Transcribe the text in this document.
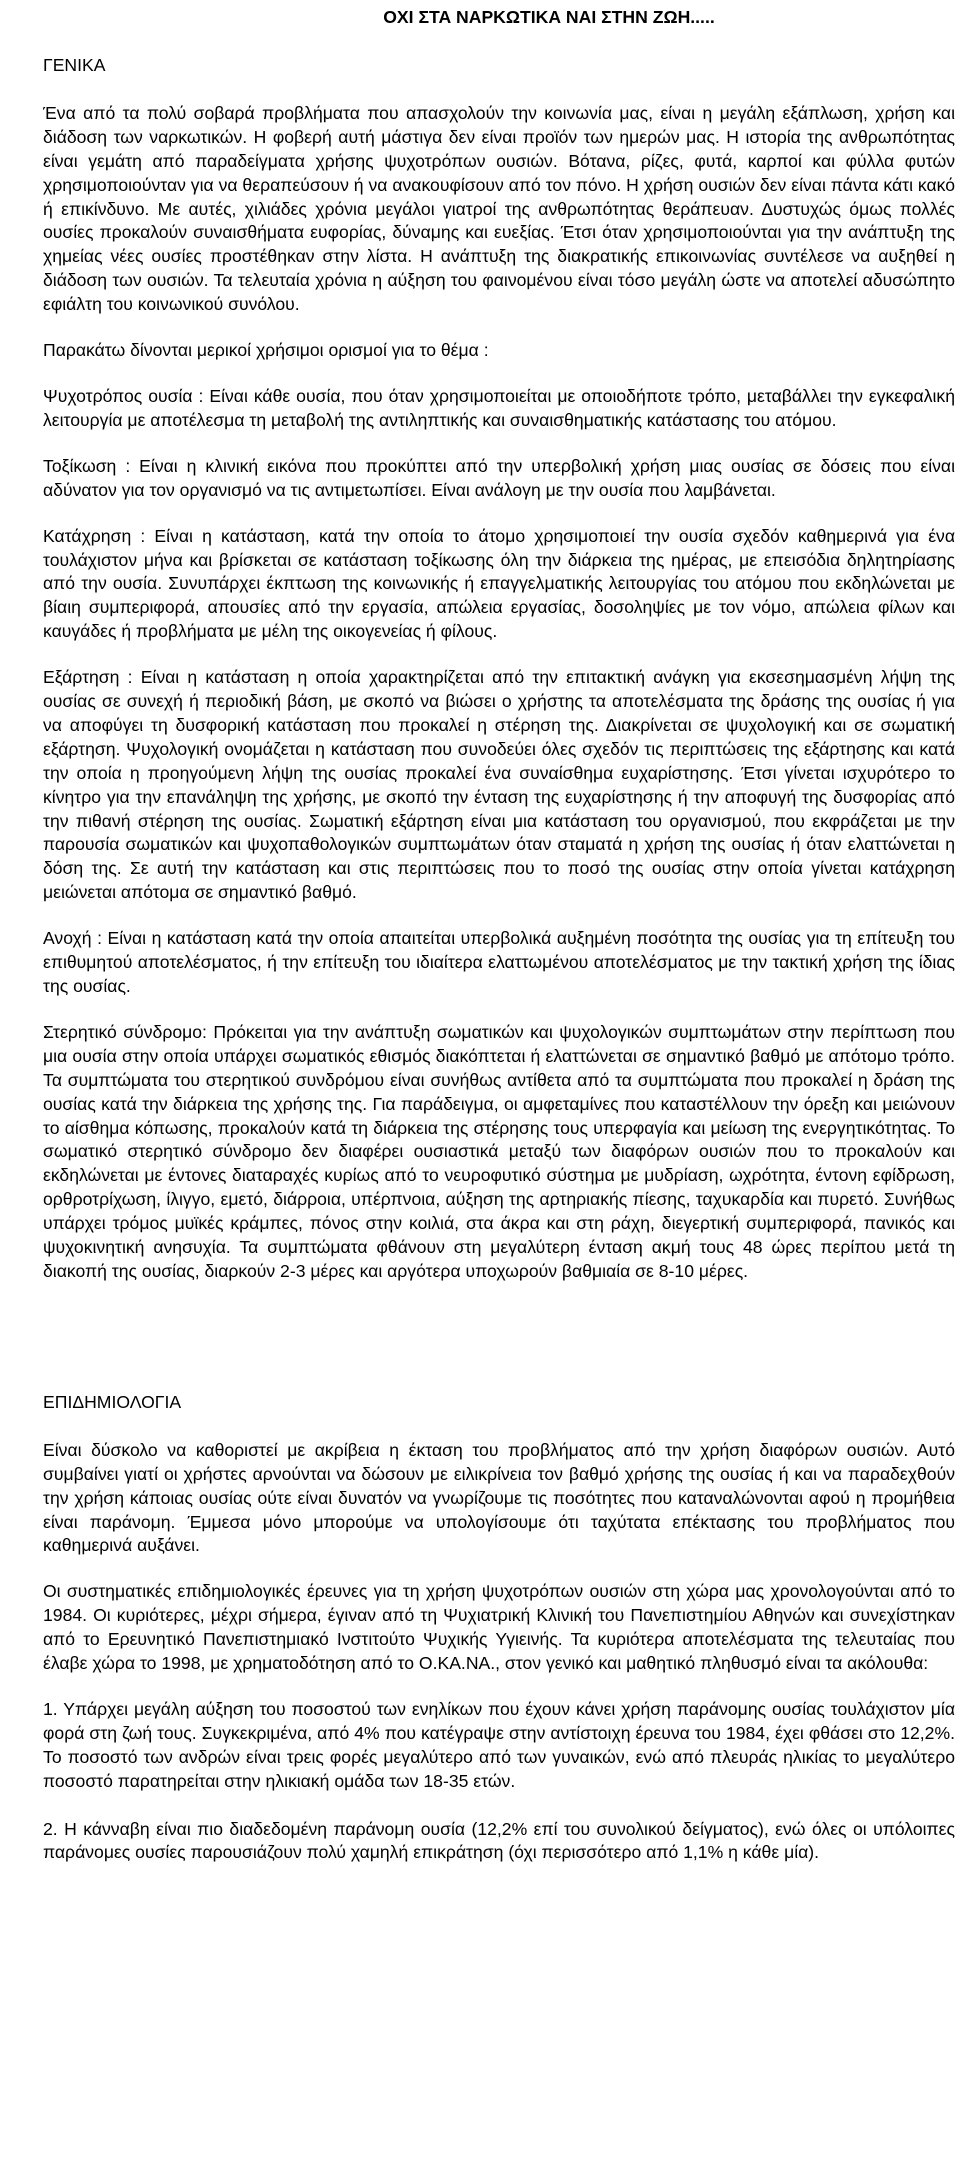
ΟΧΙ ΣΤΑ ΝΑΡΚΩΤΙΚΑ ΝΑΙ ΣΤΗΝ ΖΩΗ.....
ΓΕΝΙΚΑ

Ένα από τα πολύ σοβαρά προβλήματα που απασχολούν την κοινωνία μας, είναι η μεγάλη εξάπλωση, χρήση και διάδοση των ναρκωτικών. Η φοβερή αυτή μάστιγα δεν είναι προϊόν των ημερών μας. Η ιστορία της ανθρωπότητας είναι γεμάτη από παραδείγματα χρήσης ψυχοτρόπων ουσιών. Βότανα, ρίζες, φυτά, καρποί και φύλλα φυτών χρησιμοποιούνταν για να θεραπεύσουν ή να ανακουφίσουν από τον πόνο. Η χρήση ουσιών δεν είναι πάντα κάτι κακό ή επικίνδυνο. Με αυτές, χιλιάδες χρόνια μεγάλοι γιατροί της ανθρωπότητας θεράπευαν. Δυστυχώς όμως πολλές ουσίες προκαλούν συναισθήματα ευφορίας, δύναμης και ευεξίας. Έτσι όταν χρησιμοποιούνται για την ανάπτυξη της χημείας νέες ουσίες προστέθηκαν στην λίστα. Η ανάπτυξη της διακρατικής επικοινωνίας συντέλεσε να αυξηθεί η διάδοση των ουσιών. Τα τελευταία χρόνια η αύξηση του φαινομένου είναι τόσο μεγάλη ώστε να αποτελεί αδυσώπητο εφιάλτη του κοινωνικού συνόλου.

Παρακάτω δίνονται μερικοί χρήσιμοι ορισμοί για το θέμα :

Ψυχοτρόπος ουσία : Είναι κάθε ουσία, που όταν χρησιμοποιείται με οποιοδήποτε τρόπο, μεταβάλλει την εγκεφαλική λειτουργία με αποτέλεσμα τη μεταβολή της αντιληπτικής και συναισθηματικής κατάστασης του ατόμου.

Τοξίκωση : Είναι η κλινική εικόνα που προκύπτει από την υπερβολική χρήση μιας ουσίας σε δόσεις που είναι αδύνατον για τον οργανισμό να τις αντιμετωπίσει. Είναι ανάλογη με την ουσία που λαμβάνεται.

Κατάχρηση : Είναι η κατάσταση, κατά την οποία το άτομο χρησιμοποιεί την ουσία σχεδόν καθημερινά για ένα τουλάχιστον μήνα και βρίσκεται σε κατάσταση τοξίκωσης όλη την διάρκεια της ημέρας, με επεισόδια δηλητηρίασης από την ουσία. Συνυπάρχει έκπτωση της κοινωνικής ή επαγγελματικής λειτουργίας του ατόμου που εκδηλώνεται με βίαιη συμπεριφορά, απουσίες από την εργασία, απώλεια εργασίας, δοσοληψίες με τον νόμο, απώλεια φίλων και καυγάδες ή προβλήματα με μέλη της οικογενείας ή φίλους.

Εξάρτηση : Είναι η κατάσταση η οποία χαρακτηρίζεται από την επιτακτική ανάγκη για εκσεσημασμένη λήψη της ουσίας σε συνεχή ή περιοδική βάση, με σκοπό να βιώσει ο χρήστης τα αποτελέσματα της δράσης της ουσίας ή για να αποφύγει τη δυσφορική κατάσταση που προκαλεί η στέρηση της. Διακρίνεται σε ψυχολογική και σε σωματική εξάρτηση. Ψυχολογική ονομάζεται η κατάσταση που συνοδεύει όλες σχεδόν τις περιπτώσεις της εξάρτησης και κατά την οποία η προηγούμενη λήψη της ουσίας προκαλεί ένα συναίσθημα ευχαρίστησης. Έτσι γίνεται ισχυρότερο το κίνητρο για την επανάληψη της χρήσης, με σκοπό την ένταση της ευχαρίστησης ή την αποφυγή της δυσφορίας από την πιθανή στέρηση της ουσίας. Σωματική εξάρτηση είναι μια κατάσταση του οργανισμού, που εκφράζεται με την παρουσία σωματικών και ψυχοπαθολογικών συμπτωμάτων όταν σταματά η χρήση της ουσίας ή όταν ελαττώνεται η δόση της. Σε αυτή την κατάσταση και στις περιπτώσεις που το ποσό της ουσίας στην οποία γίνεται κατάχρηση μειώνεται απότομα σε σημαντικό βαθμό.

Ανοχή : Είναι η κατάσταση κατά την οποία απαιτείται υπερβολικά αυξημένη ποσότητα της ουσίας για τη επίτευξη του επιθυμητού αποτελέσματος, ή την επίτευξη του ιδιαίτερα ελαττωμένου αποτελέσματος με την τακτική χρήση της ίδιας της ουσίας.

Στερητικό σύνδρομο: Πρόκειται για την ανάπτυξη σωματικών και ψυχολογικών συμπτωμάτων στην περίπτωση που μια ουσία στην οποία υπάρχει σωματικός εθισμός διακόπτεται ή ελαττώνεται σε σημαντικό βαθμό με απότομο τρόπο. Τα συμπτώματα του στερητικού συνδρόμου είναι συνήθως αντίθετα από τα συμπτώματα που προκαλεί η δράση της ουσίας κατά την διάρκεια της χρήσης της. Για παράδειγμα, οι αμφεταμίνες που καταστέλλουν την όρεξη και μειώνουν το αίσθημα κόπωσης, προκαλούν κατά τη διάρκεια της στέρησης τους υπερφαγία και μείωση της ενεργητικότητας. Το σωματικό στερητικό σύνδρομο δεν διαφέρει ουσιαστικά μεταξύ των διαφόρων ουσιών που το προκαλούν και εκδηλώνεται με έντονες διαταραχές κυρίως από το νευροφυτικό σύστημα με μυδρίαση, ωχρότητα, έντονη εφίδρωση, ορθροτρίχωση, ίλιγγο, εμετό, διάρροια, υπέρπνοια, αύξηση της αρτηριακής πίεσης, ταχυκαρδία και πυρετό. Συνήθως υπάρχει τρόμος μυϊκές κράμπες, πόνος στην κοιλιά, στα άκρα και στη ράχη, διεγερτική συμπεριφορά, πανικός και ψυχοκινητική ανησυχία. Τα συμπτώματα φθάνουν στη μεγαλύτερη ένταση ακμή τους 48 ώρες περίπου μετά τη διακοπή της ουσίας, διαρκούν 2-3 μέρες και αργότερα υποχωρούν βαθμιαία σε 8-10 μέρες.

ΕΠΙΔΗΜΙΟΛΟΓΙΑ

Είναι δύσκολο να καθοριστεί με ακρίβεια η έκταση του προβλήματος από την χρήση διαφόρων ουσιών. Αυτό συμβαίνει γιατί οι χρήστες αρνούνται να δώσουν με ειλικρίνεια τον βαθμό χρήσης της ουσίας ή και να παραδεχθούν την χρήση κάποιας ουσίας ούτε είναι δυνατόν να γνωρίζουμε τις ποσότητες που καταναλώνονται αφού η προμήθεια είναι παράνομη. Έμμεσα μόνο μπορούμε να υπολογίσουμε ότι ταχύτατα επέκτασης του προβλήματος που καθημερινά αυξάνει.

Οι συστηματικές επιδημιολογικές έρευνες για τη χρήση ψυχοτρόπων ουσιών στη χώρα μας χρονολογούνται από το 1984. Οι κυριότερες, μέχρι σήμερα, έγιναν από τη Ψυχιατρική Κλινική του Πανεπιστημίου Αθηνών και συνεχίστηκαν από το Ερευνητικό Πανεπιστημιακό Ινστιτούτο Ψυχικής Υγιεινής. Τα κυριότερα αποτελέσματα της τελευταίας που έλαβε χώρα το 1998, με χρηματοδότηση από το Ο.ΚΑ.ΝΑ., στον γενικό και μαθητικό πληθυσμό είναι τα ακόλουθα:

1. Υπάρχει μεγάλη αύξηση του ποσοστού των ενηλίκων που έχουν κάνει χρήση παράνομης ουσίας τουλάχιστον μία φορά στη ζωή τους. Συγκεκριμένα, από 4% που κατέγραψε στην αντίστοιχη έρευνα του 1984, έχει φθάσει στο 12,2%. Το ποσοστό των ανδρών είναι τρεις φορές μεγαλύτερο από των γυναικών, ενώ από πλευράς ηλικίας το μεγαλύτερο ποσοστό παρατηρείται στην ηλικιακή ομάδα των 18-35 ετών.

2. Η κάνναβη είναι πιο διαδεδομένη παράνομη ουσία (12,2% επί του συνολικού δείγματος), ενώ όλες οι υπόλοιπες παράνομες ουσίες παρουσιάζουν πολύ χαμηλή επικράτηση (όχι περισσότερο από 1,1% η κάθε μία).
